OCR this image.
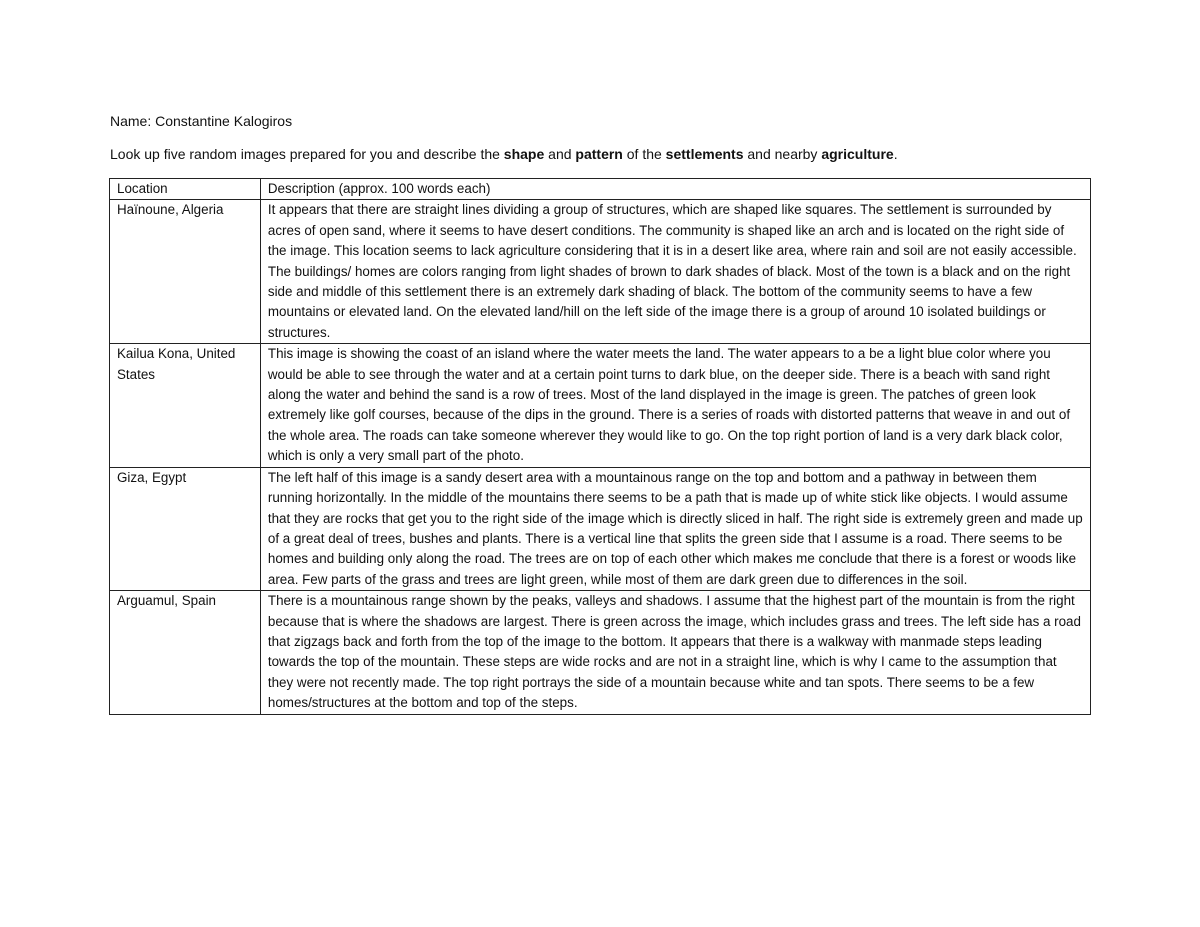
Name: Constantine Kalogiros
Look up five random images prepared for you and describe the shape and pattern of the settlements and nearby agriculture.
Location	Description (approx. 100 words each)
Haïnoune, Algeria	It appears that there are straight lines dividing a group of structures, which are shaped like squares. The settlement is surrounded by acres of open sand, where it seems to have desert conditions. The community is shaped like an arch and is located on the right side of the image. This location seems to lack agriculture considering that it is in a desert like area, where rain and soil are not easily accessible. The buildings/ homes are colors ranging from light shades of brown to dark shades of black. Most of the town is a black and on the right side and middle of this settlement there is an extremely dark shading of black. The bottom of the community seems to have a few mountains or elevated land. On the elevated land/hill on the left side of the image there is a group of around 10 isolated buildings or structures.
Kailua Kona, United States	This image is showing the coast of an island where the water meets the land. The water appears to a be a light blue color where you would be able to see through the water and at a certain point turns to dark blue, on the deeper side. There is a beach with sand right along the water and behind the sand is a row of trees. Most of the land displayed in the image is green. The patches of green look extremely like golf courses, because of the dips in the ground. There is a series of roads with distorted patterns that weave in and out of the whole area. The roads can take someone wherever they would like to go. On the top right portion of land is a very dark black color, which is only a very small part of the photo.
Giza, Egypt	The left half of this image is a sandy desert area with a mountainous range on the top and bottom and a pathway in between them running horizontally. In the middle of the mountains there seems to be a path that is made up of white stick like objects. I would assume that they are rocks that get you to the right side of the image which is directly sliced in half. The right side is extremely green and made up of a great deal of trees, bushes and plants. There is a vertical line that splits the green side that I assume is a road. There seems to be homes and building only along the road. The trees are on top of each other which makes me conclude that there is a forest or woods like area. Few parts of the grass and trees are light green, while most of them are dark green due to differences in the soil.
Arguamul, Spain	There is a mountainous range shown by the peaks, valleys and shadows. I assume that the highest part of the mountain is from the right because that is where the shadows are largest. There is green across the image, which includes grass and trees. The left side has a road that zigzags back and forth from the top of the image to the bottom. It appears that there is a walkway with manmade steps leading towards the top of the mountain. These steps are wide rocks and are not in a straight line, which is why I came to the assumption that they were not recently made. The top right portrays the side of a mountain because white and tan spots. There seems to be a few homes/structures at the bottom and top of the steps.
